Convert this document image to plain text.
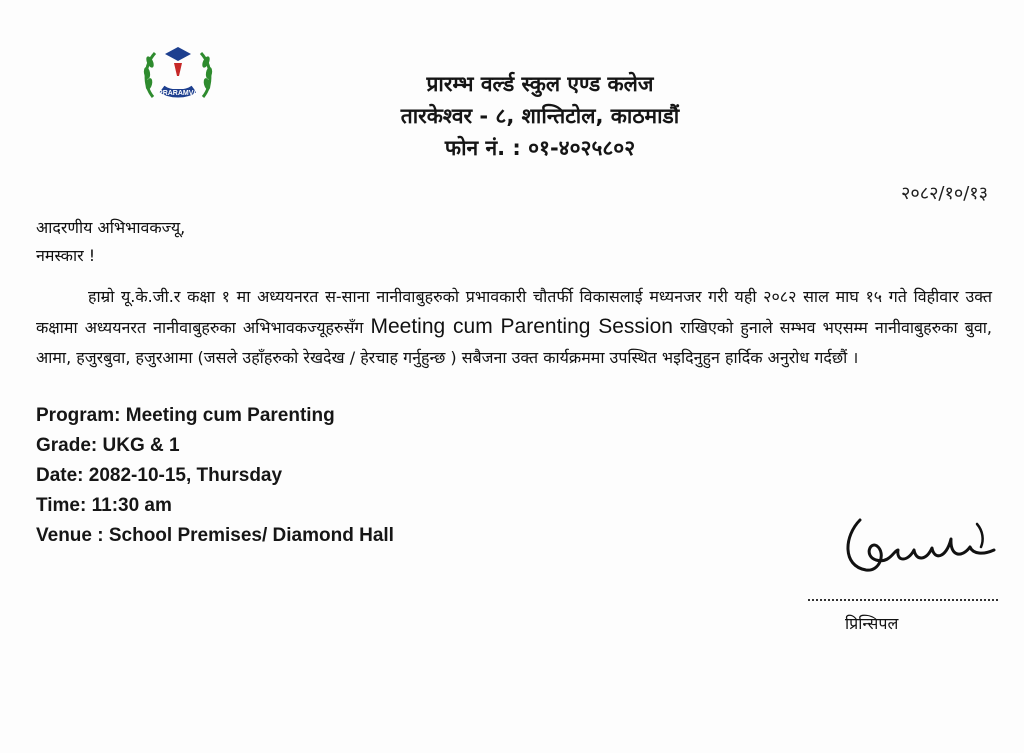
PRARAMVA	प्रारम्भ वर्ल्ड स्कुल एण्ड कलेज
तारकेश्वर - ८, शान्तिटोल, काठमाडौं
फोन नं. : ०१-४०२५८०२
२०८२/१०/१३
आदरणीय अभिभावकज्यू,
नमस्कार !
हाम्रो यू.के.जी.र कक्षा १ मा अध्ययनरत स-साना नानीवाबुहरुको प्रभावकारी चौतर्फी विकासलाई मध्यनजर गरी यही २०८२ साल माघ १५ गते विहीवार उक्त कक्षामा अध्ययनरत नानीवाबुहरुका अभिभावकज्यूहरुसँग Meeting cum Parenting Session राखिएको हुनाले सम्भव भएसम्म नानीवाबुहरुका बुवा, आमा, हजुरबुवा, हजुरआमा (जसले उहाँहरुको रेखदेख / हेरचाह गर्नुहुन्छ ) सबैजना उक्त कार्यक्रममा उपस्थित भइदिनुहुन हार्दिक अनुरोध गर्दछौं ।
Program: Meeting cum Parenting
Grade: UKG & 1
Date: 2082-10-15, Thursday
Time: 11:30 am
Venue : School Premises/ Diamond Hall
प्रिन्सिपल
